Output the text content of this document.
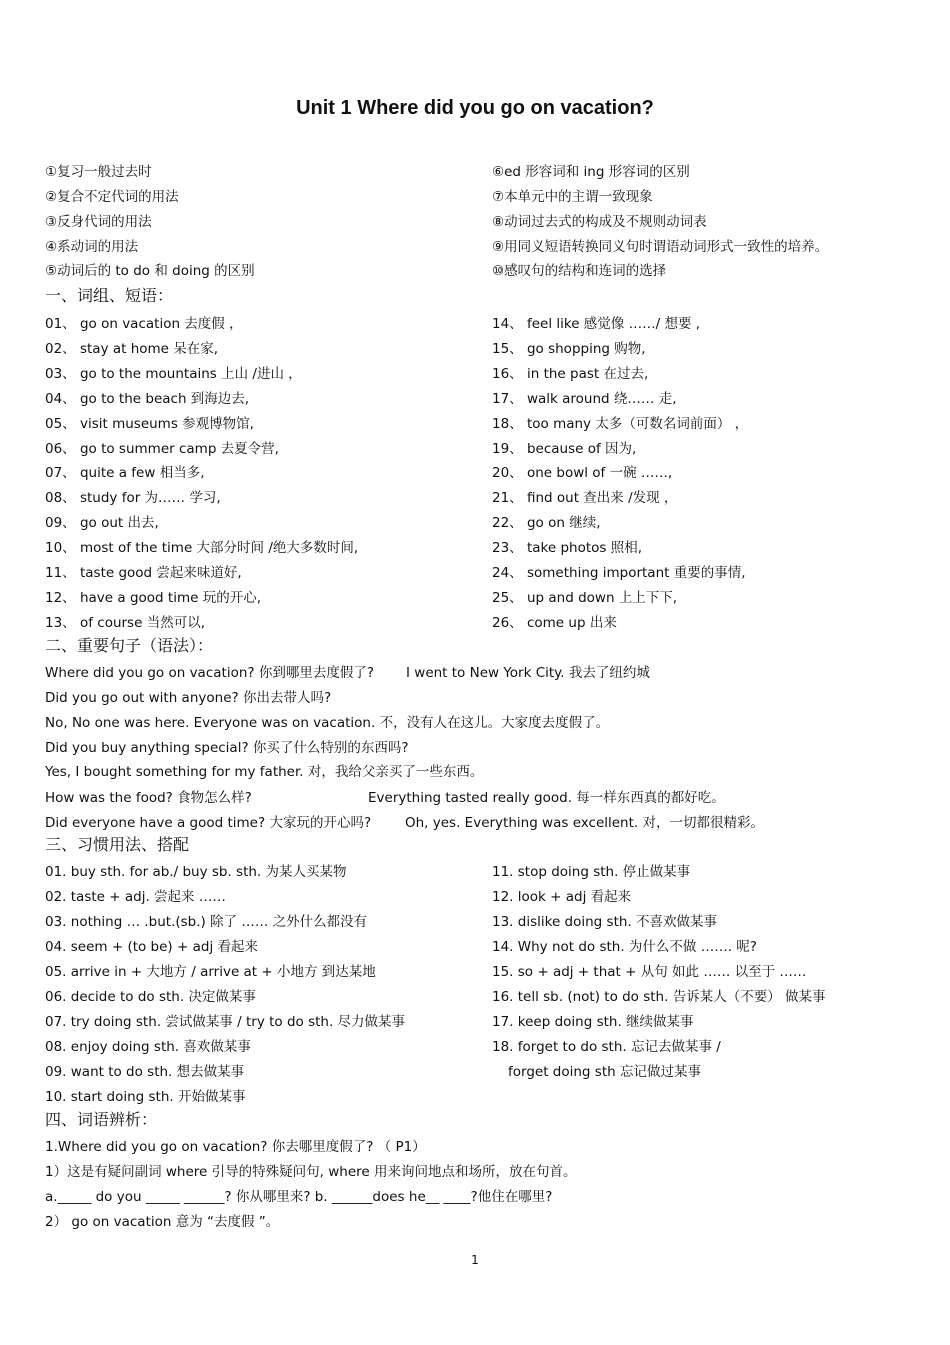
Unit 1 Where did you go on vacation?
①复习一般过去时	⑥ed 形容词和 ing 形容词的区别
②复合不定代词的用法	⑦本单元中的主谓一致现象
③反身代词的用法	⑧动词过去式的构成及不规则动词表
④系动词的用法	⑨用同义短语转换同义句时谓语动词形式一致性的培养。
⑤动词后的 to do 和 doing 的区别	⑩感叹句的结构和连词的选择
一、词组、短语：
01、 go on vacation 去度假 ，	14、 feel like 感觉像 ……/ 想要 ,
02、 stay at home 呆在家,	15、 go shopping 购物,
03、 go to the mountains 上山 /进山 ，	16、 in the past 在过去,
04、 go to the beach 到海边去,	17、 walk around 绕…… 走,
05、 visit museums 参观博物馆,	18、 too many 太多（可数名词前面） ，
06、 go to summer camp 去夏令营,	19、 because of 因为,
07、 quite a few 相当多,	20、 one bowl of 一碗 ……,
08、 study for 为…… 学习,	21、 find out 查出来 /发现 ，
09、 go out 出去,	22、 go on 继续,
10、 most of the time 大部分时间 /绝大多数时间,	23、 take photos 照相,
11、 taste good 尝起来味道好,	24、 something important 重要的事情,
12、 have a good time 玩的开心,	25、 up and down 上上下下,
13、 of course 当然可以,	26、 come up 出来
二、重要句子（语法）：
Where did you go on vacation? 你到哪里去度假了? I went to New York City. 我去了纽约城
Did you go out with anyone? 你出去带人吗?
No, No one was here. Everyone was on vacation. 不，没有人在这儿。大家度去度假了。
Did you buy anything special? 你买了什么特别的东西吗?
Yes, I bought something for my father. 对，我给父亲买了一些东西。
How was the food? 食物怎么样?	Everything tasted really good. 每一样东西真的都好吃。
Did everyone have a good time? 大家玩的开心吗?	Oh, yes. Everything was excellent. 对，一切都很精彩。
三、习惯用法、搭配
01. buy sth. for ab./ buy sb. sth. 为某人买某物	11. stop doing sth. 停止做某事
02. taste + adj. 尝起来 ……	12. look + adj 看起来
03. nothing … .but.(sb.) 除了 …… 之外什么都没有	13. dislike doing sth. 不喜欢做某事
04. seem + (to be) + adj 看起来	14. Why not do sth. 为什么不做 ……. 呢?
05. arrive in + 大地方 / arrive at + 小地方 到达某地	15. so + adj + that + 从句 如此 …… 以至于 ……
06. decide to do sth. 决定做某事	16. tell sb. (not) to do sth. 告诉某人（不要） 做某事
07. try doing sth. 尝试做某事 / try to do sth. 尽力做某事	17. keep doing sth. 继续做某事
08. enjoy doing sth. 喜欢做某事	18. forget to do sth. 忘记去做某事 /
09. want to do sth. 想去做某事	forget doing sth 忘记做过某事
10. start doing sth. 开始做某事
四、词语辨析：
1.Where did you go on vacation? 你去哪里度假了? （ P1）
1）这是有疑问副词 where 引导的特殊疑问句, where 用来询问地点和场所，放在句首。
a._____ do you _____ ______? 你从哪里来? b. ______does he__ ____?他住在哪里?
2） go on vacation 意为 “去度假 ”。
1
